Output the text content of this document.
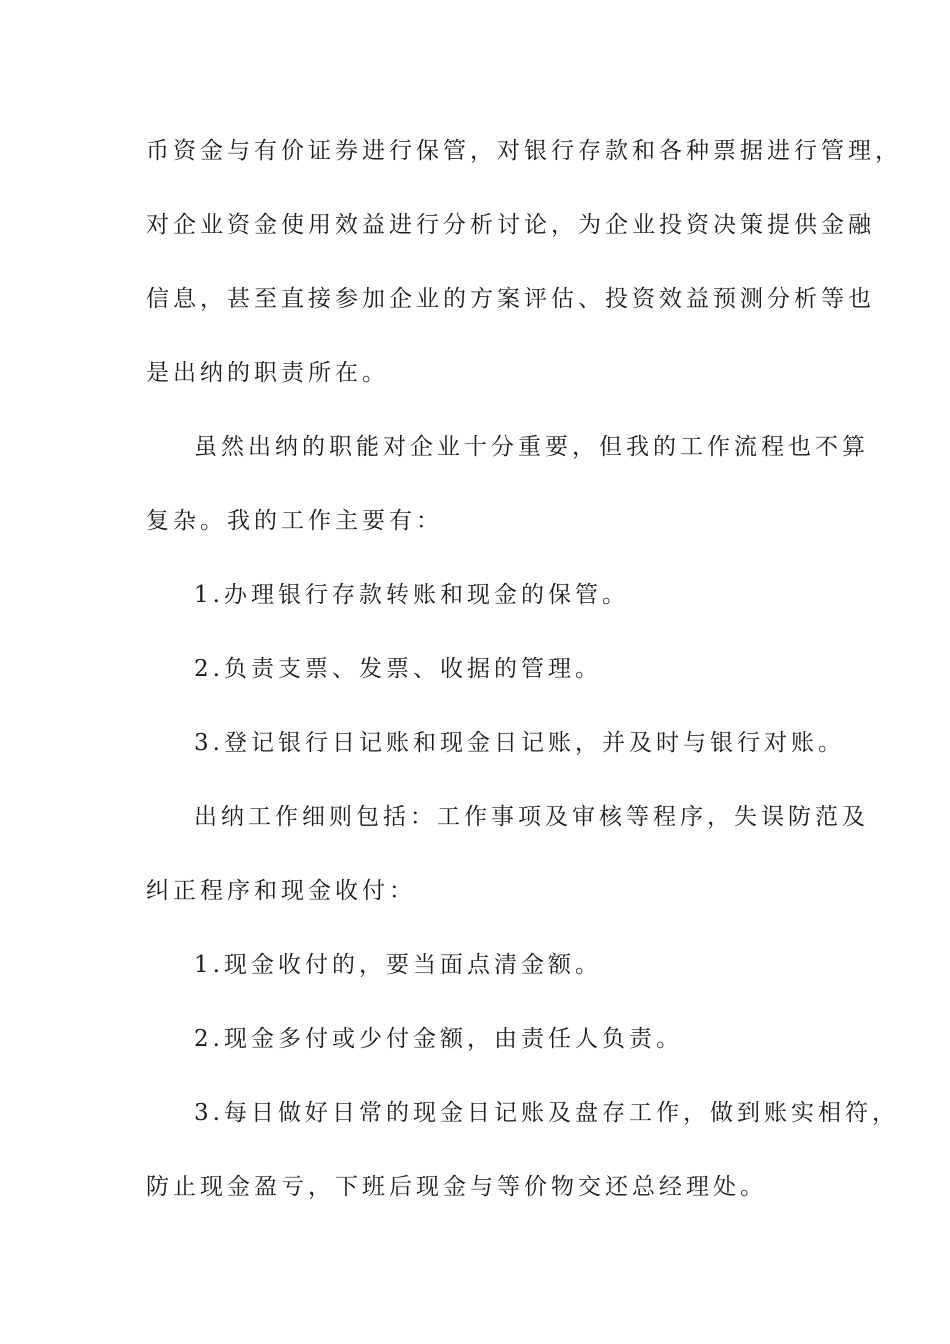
币资金与有价证券进行保管，对银行存款和各种票据进行管理，
对企业资金使用效益进行分析讨论，为企业投资决策提供金融
信息，甚至直接参加企业的方案评估、投资效益预测分析等也
是出纳的职责所在。
虽然出纳的职能对企业十分重要，但我的工作流程也不算
复杂。我的工作主要有：
1.办理银行存款转账和现金的保管。
2.负责支票、发票、收据的管理。
3.登记银行日记账和现金日记账，并及时与银行对账。
出纳工作细则包括：工作事项及审核等程序，失误防范及
纠正程序和现金收付：
1.现金收付的，要当面点清金额。
2.现金多付或少付金额，由责任人负责。
3.每日做好日常的现金日记账及盘存工作，做到账实相符，
防止现金盈亏，下班后现金与等价物交还总经理处。
